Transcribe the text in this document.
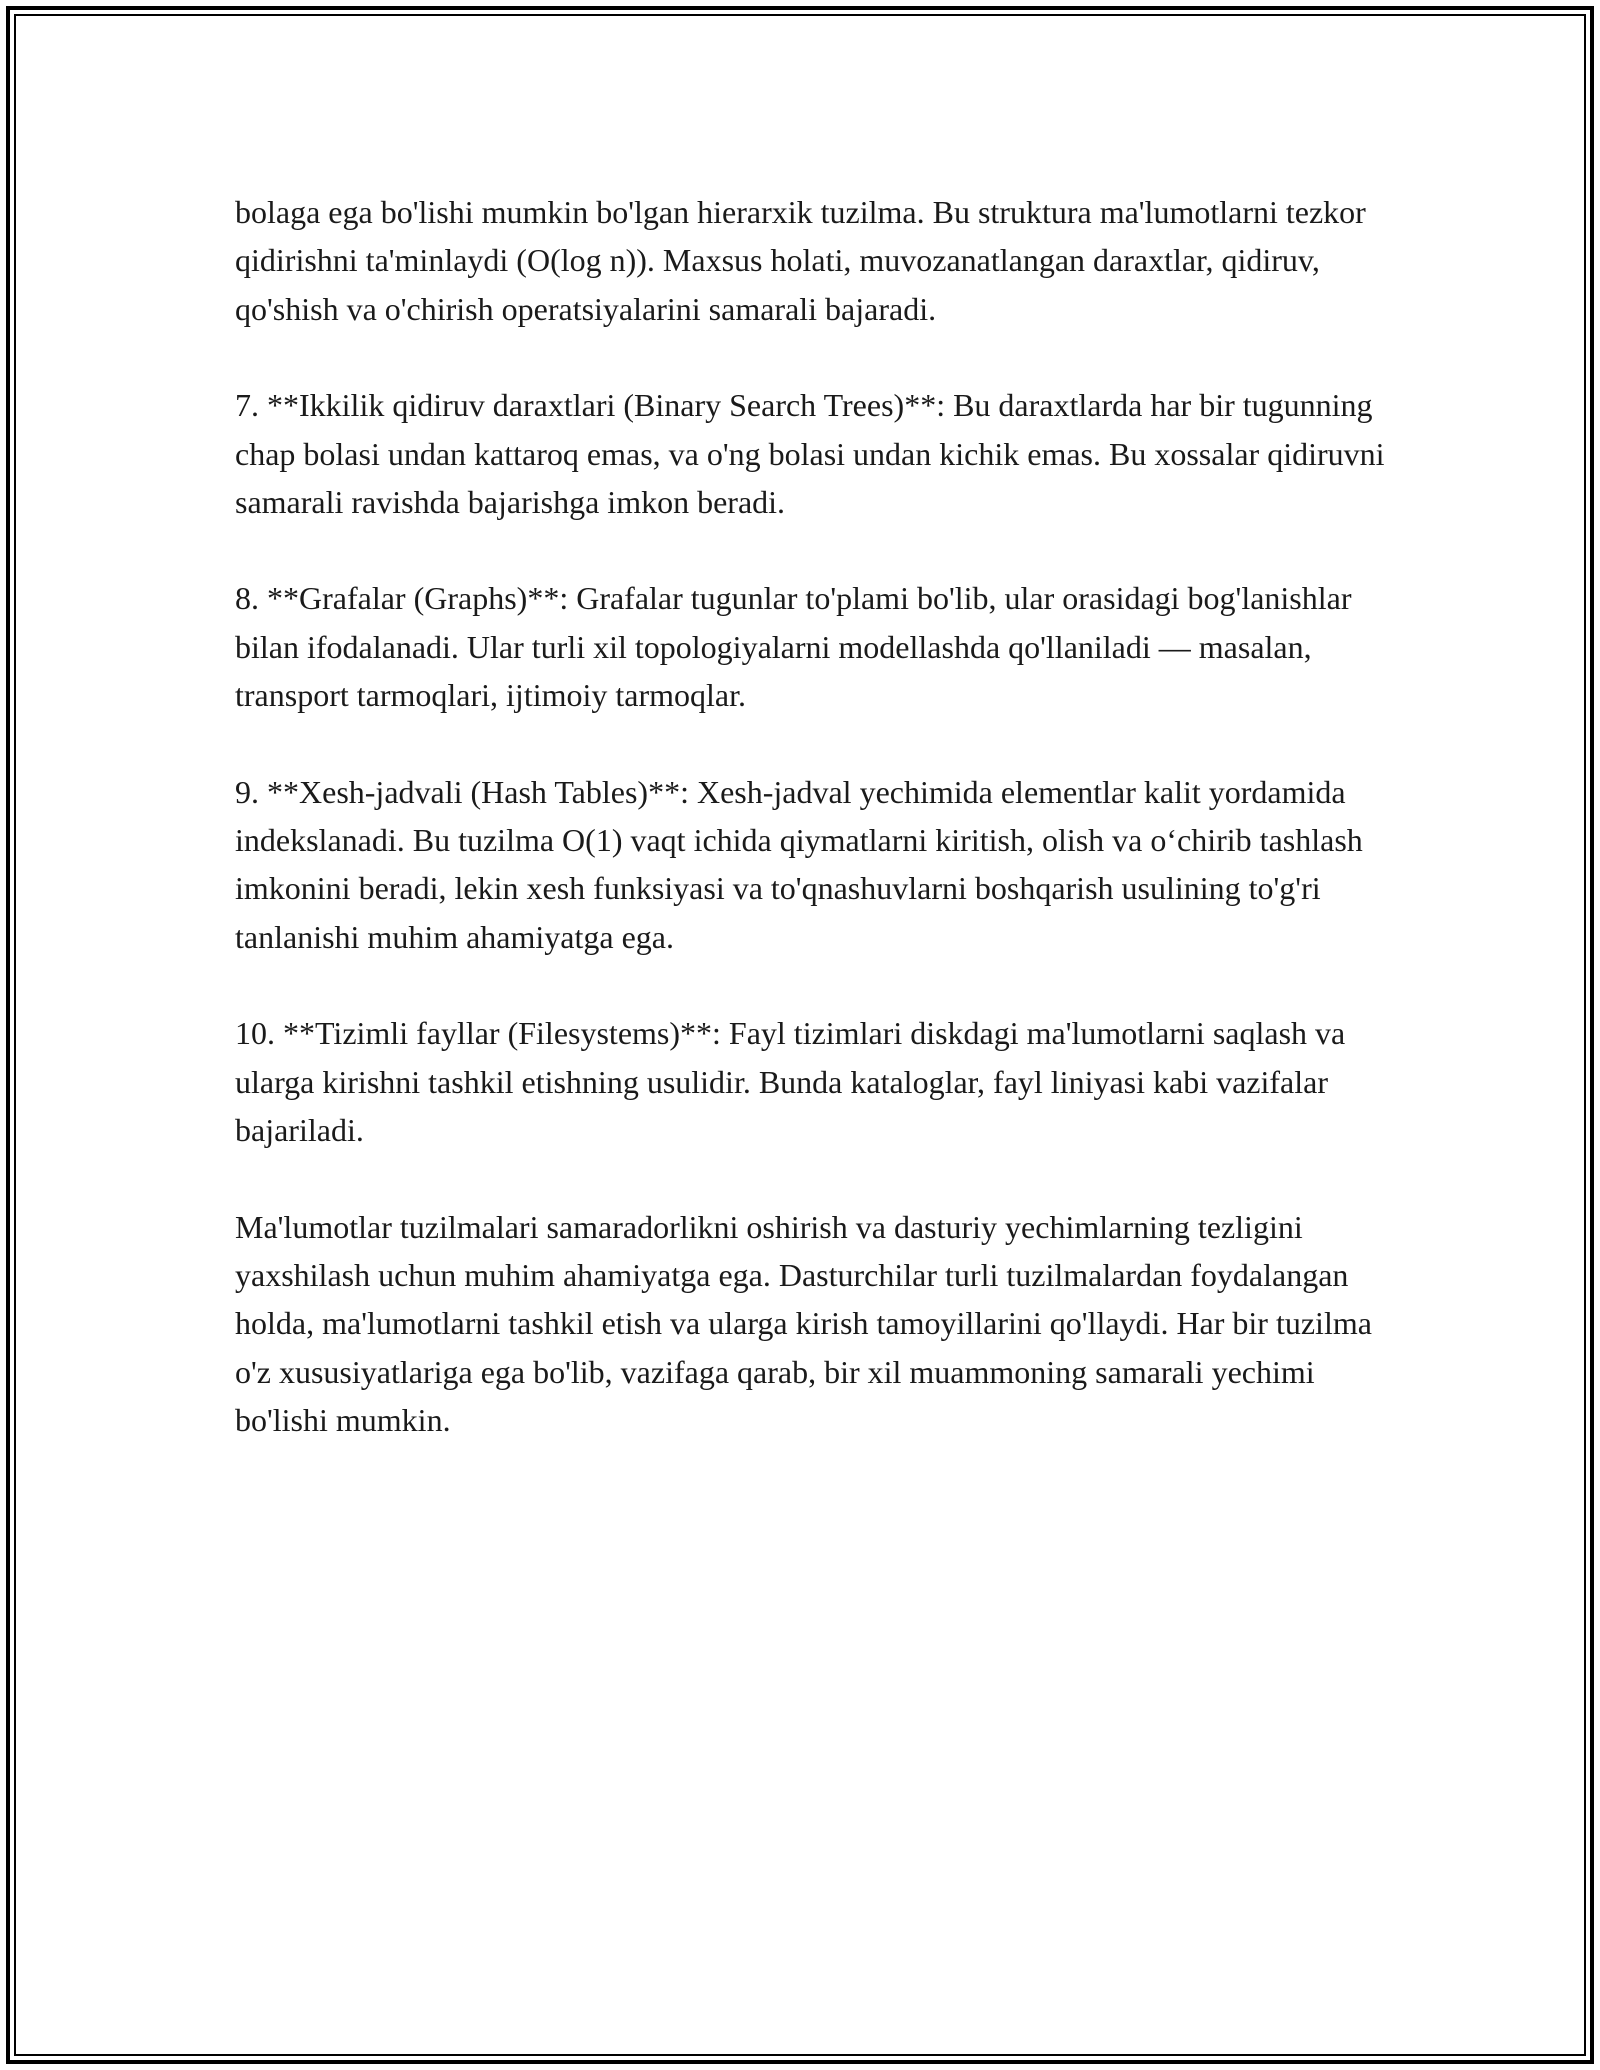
bolaga ega bo'lishi mumkin bo'lgan hierarxik tuzilma. Bu struktura ma'lumotlarni tezkor qidirishni ta'minlaydi (O(log n)). Maxsus holati, muvozanatlangan daraxtlar, qidiruv, qo'shish va o'chirish operatsiyalarini samarali bajaradi.

7. **Ikkilik qidiruv daraxtlari (Binary Search Trees)**: Bu daraxtlarda har bir tugunning chap bolasi undan kattaroq emas, va o'ng bolasi undan kichik emas. Bu xossalar qidiruvni samarali ravishda bajarishga imkon beradi.

8. **Grafalar (Graphs)**: Grafalar tugunlar to'plami bo'lib, ular orasidagi bog'lanishlar bilan ifodalanadi. Ular turli xil topologiyalarni modellashda qo'llaniladi — masalan, transport tarmoqlari, ijtimoiy tarmoqlar.

9. **Xesh-jadvali (Hash Tables)**: Xesh-jadval yechimida elementlar kalit yordamida indekslanadi. Bu tuzilma O(1) vaqt ichida qiymatlarni kiritish, olish va o‘chirib tashlash imkonini beradi, lekin xesh funksiyasi va to'qnashuvlarni boshqarish usulining to'g'ri tanlanishi muhim ahamiyatga ega.

10. **Tizimli fayllar (Filesystems)**: Fayl tizimlari diskdagi ma'lumotlarni saqlash va ularga kirishni tashkil etishning usulidir. Bunda kataloglar, fayl liniyasi kabi vazifalar bajariladi.

Ma'lumotlar tuzilmalari samaradorlikni oshirish va dasturiy yechimlarning tezligini yaxshilash uchun muhim ahamiyatga ega. Dasturchilar turli tuzilmalardan foydalangan holda, ma'lumotlarni tashkil etish va ularga kirish tamoyillarini qo'llaydi. Har bir tuzilma o'z xususiyatlariga ega bo'lib, vazifaga qarab, bir xil muammoning samarali yechimi bo'lishi mumkin.
